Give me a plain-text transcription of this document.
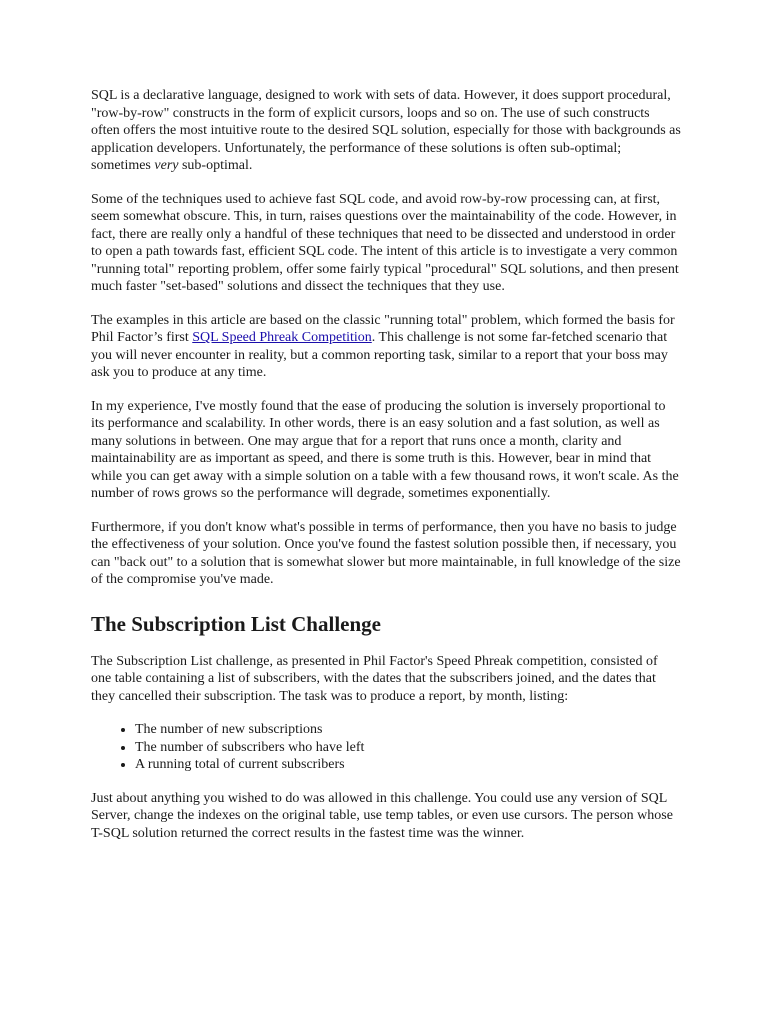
SQL is a declarative language, designed to work with sets of data. However, it does support procedural, "row-by-row" constructs in the form of explicit cursors, loops and so on. The use of such constructs often offers the most intuitive route to the desired SQL solution, especially for those with backgrounds as application developers. Unfortunately, the performance of these solutions is often sub-optimal; sometimes very sub-optimal.

Some of the techniques used to achieve fast SQL code, and avoid row-by-row processing can, at first, seem somewhat obscure. This, in turn, raises questions over the maintainability of the code. However, in fact, there are really only a handful of these techniques that need to be dissected and understood in order to open a path towards fast, efficient SQL code. The intent of this article is to investigate a very common "running total" reporting problem, offer some fairly typical "procedural" SQL solutions, and then present much faster "set-based" solutions and dissect the techniques that they use.

The examples in this article are based on the classic "running total" problem, which formed the basis for Phil Factor’s first SQL Speed Phreak Competition. This challenge is not some far-fetched scenario that you will never encounter in reality, but a common reporting task, similar to a report that your boss may ask you to produce at any time.

In my experience, I've mostly found that the ease of producing the solution is inversely proportional to its performance and scalability. In other words, there is an easy solution and a fast solution, as well as many solutions in between. One may argue that for a report that runs once a month, clarity and maintainability are as important as speed, and there is some truth is this. However, bear in mind that while you can get away with a simple solution on a table with a few thousand rows, it won't scale. As the number of rows grows so the performance will degrade, sometimes exponentially.

Furthermore, if you don't know what's possible in terms of performance, then you have no basis to judge the effectiveness of your solution. Once you've found the fastest solution possible then, if necessary, you can "back out" to a solution that is somewhat slower but more maintainable, in full knowledge of the size of the compromise you've made.

The Subscription List Challenge

The Subscription List challenge, as presented in Phil Factor's Speed Phreak competition, consisted of one table containing a list of subscribers, with the dates that the subscribers joined, and the dates that they cancelled their subscription. The task was to produce a report, by month, listing:

• The number of new subscriptions
• The number of subscribers who have left
• A running total of current subscribers

Just about anything you wished to do was allowed in this challenge. You could use any version of SQL Server, change the indexes on the original table, use temp tables, or even use cursors. The person whose T-SQL solution returned the correct results in the fastest time was the winner.
